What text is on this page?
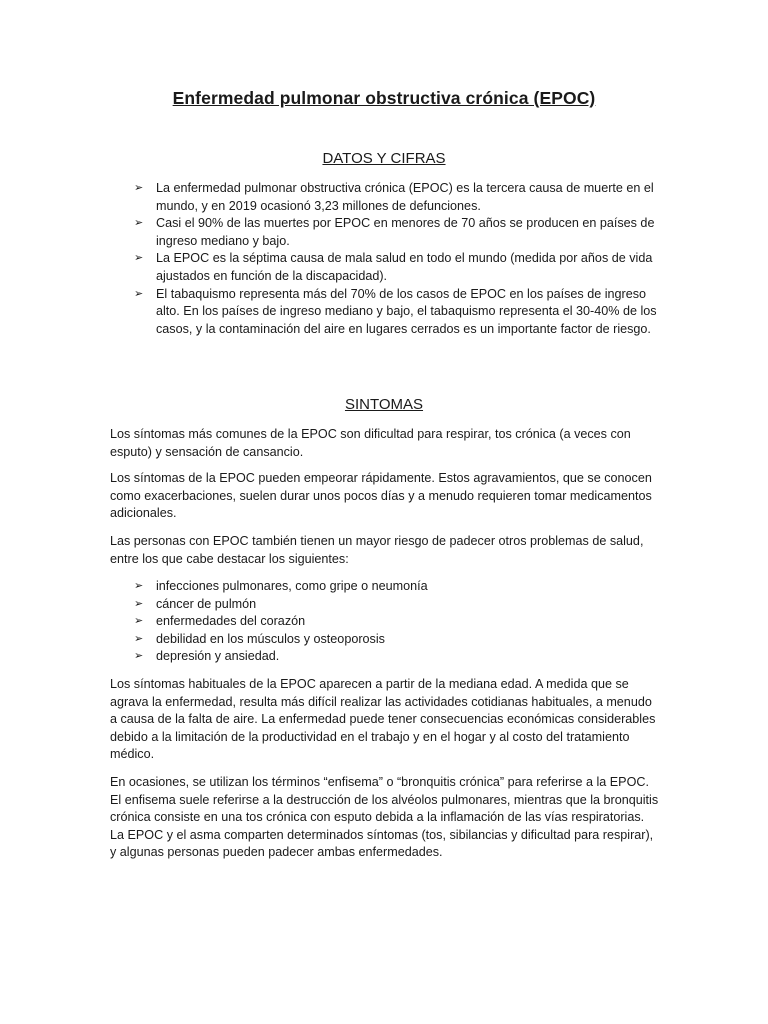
Enfermedad pulmonar obstructiva crónica (EPOC)
DATOS Y CIFRAS
➢ La enfermedad pulmonar obstructiva crónica (EPOC) es la tercera causa de muerte en el mundo, y en 2019 ocasionó 3,23 millones de defunciones.
➢ Casi el 90% de las muertes por EPOC en menores de 70 años se producen en países de ingreso mediano y bajo.
➢ La EPOC es la séptima causa de mala salud en todo el mundo (medida por años de vida ajustados en función de la discapacidad).
➢ El tabaquismo representa más del 70% de los casos de EPOC en los países de ingreso alto. En los países de ingreso mediano y bajo, el tabaquismo representa el 30-40% de los casos, y la contaminación del aire en lugares cerrados es un importante factor de riesgo.
SINTOMAS

Los síntomas más comunes de la EPOC son dificultad para respirar, tos crónica (a veces con esputo) y sensación de cansancio.

Los síntomas de la EPOC pueden empeorar rápidamente. Estos agravamientos, que se conocen como exacerbaciones, suelen durar unos pocos días y a menudo requieren tomar medicamentos adicionales.

Las personas con EPOC también tienen un mayor riesgo de padecer otros problemas de salud, entre los que cabe destacar los siguientes:

➢ infecciones pulmonares, como gripe o neumonía
➢ cáncer de pulmón
➢ enfermedades del corazón
➢ debilidad en los músculos y osteoporosis
➢ depresión y ansiedad.

Los síntomas habituales de la EPOC aparecen a partir de la mediana edad. A medida que se agrava la enfermedad, resulta más difícil realizar las actividades cotidianas habituales, a menudo a causa de la falta de aire. La enfermedad puede tener consecuencias económicas considerables debido a la limitación de la productividad en el trabajo y en el hogar y al costo del tratamiento médico.

En ocasiones, se utilizan los términos “enfisema” o “bronquitis crónica” para referirse a la EPOC. El enfisema suele referirse a la destrucción de los alvéolos pulmonares, mientras que la bronquitis crónica consiste en una tos crónica con esputo debida a la inflamación de las vías respiratorias. La EPOC y el asma comparten determinados síntomas (tos, sibilancias y dificultad para respirar), y algunas personas pueden padecer ambas enfermedades.
